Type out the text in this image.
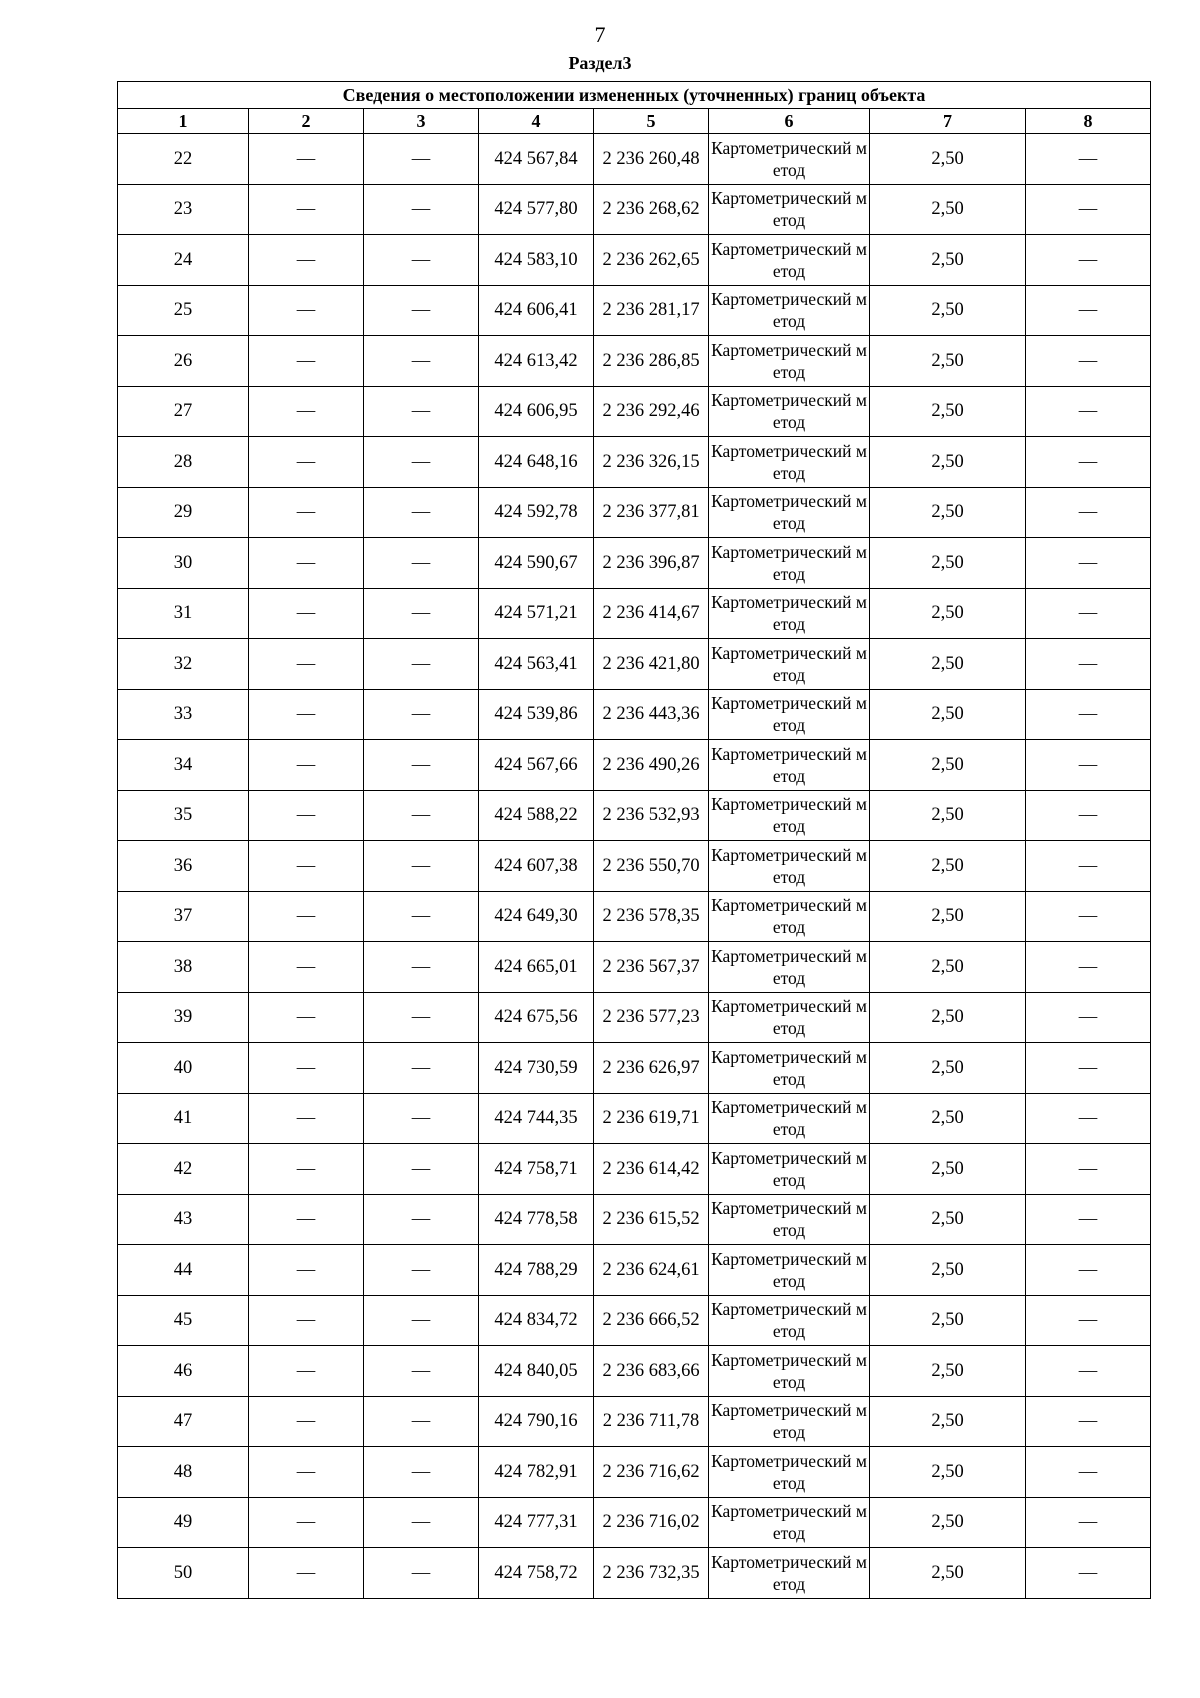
7
Раздел3
Сведения о местоположении измененных (уточненных) границ объекта							
1	2	3	4	5	6	7	8
22	—	—	424 567,84	2 236 260,48	Картометрический метод	2,50	—
23	—	—	424 577,80	2 236 268,62	Картометрический метод	2,50	—
24	—	—	424 583,10	2 236 262,65	Картометрический метод	2,50	—
25	—	—	424 606,41	2 236 281,17	Картометрический метод	2,50	—
26	—	—	424 613,42	2 236 286,85	Картометрический метод	2,50	—
27	—	—	424 606,95	2 236 292,46	Картометрический метод	2,50	—
28	—	—	424 648,16	2 236 326,15	Картометрический метод	2,50	—
29	—	—	424 592,78	2 236 377,81	Картометрический метод	2,50	—
30	—	—	424 590,67	2 236 396,87	Картометрический метод	2,50	—
31	—	—	424 571,21	2 236 414,67	Картометрический метод	2,50	—
32	—	—	424 563,41	2 236 421,80	Картометрический метод	2,50	—
33	—	—	424 539,86	2 236 443,36	Картометрический метод	2,50	—
34	—	—	424 567,66	2 236 490,26	Картометрический метод	2,50	—
35	—	—	424 588,22	2 236 532,93	Картометрический метод	2,50	—
36	—	—	424 607,38	2 236 550,70	Картометрический метод	2,50	—
37	—	—	424 649,30	2 236 578,35	Картометрический метод	2,50	—
38	—	—	424 665,01	2 236 567,37	Картометрический метод	2,50	—
39	—	—	424 675,56	2 236 577,23	Картометрический метод	2,50	—
40	—	—	424 730,59	2 236 626,97	Картометрический метод	2,50	—
41	—	—	424 744,35	2 236 619,71	Картометрический метод	2,50	—
42	—	—	424 758,71	2 236 614,42	Картометрический метод	2,50	—
43	—	—	424 778,58	2 236 615,52	Картометрический метод	2,50	—
44	—	—	424 788,29	2 236 624,61	Картометрический метод	2,50	—
45	—	—	424 834,72	2 236 666,52	Картометрический метод	2,50	—
46	—	—	424 840,05	2 236 683,66	Картометрический метод	2,50	—
47	—	—	424 790,16	2 236 711,78	Картометрический метод	2,50	—
48	—	—	424 782,91	2 236 716,62	Картометрический метод	2,50	—
49	—	—	424 777,31	2 236 716,02	Картометрический метод	2,50	—
50	—	—	424 758,72	2 236 732,35	Картометрический метод	2,50	—
